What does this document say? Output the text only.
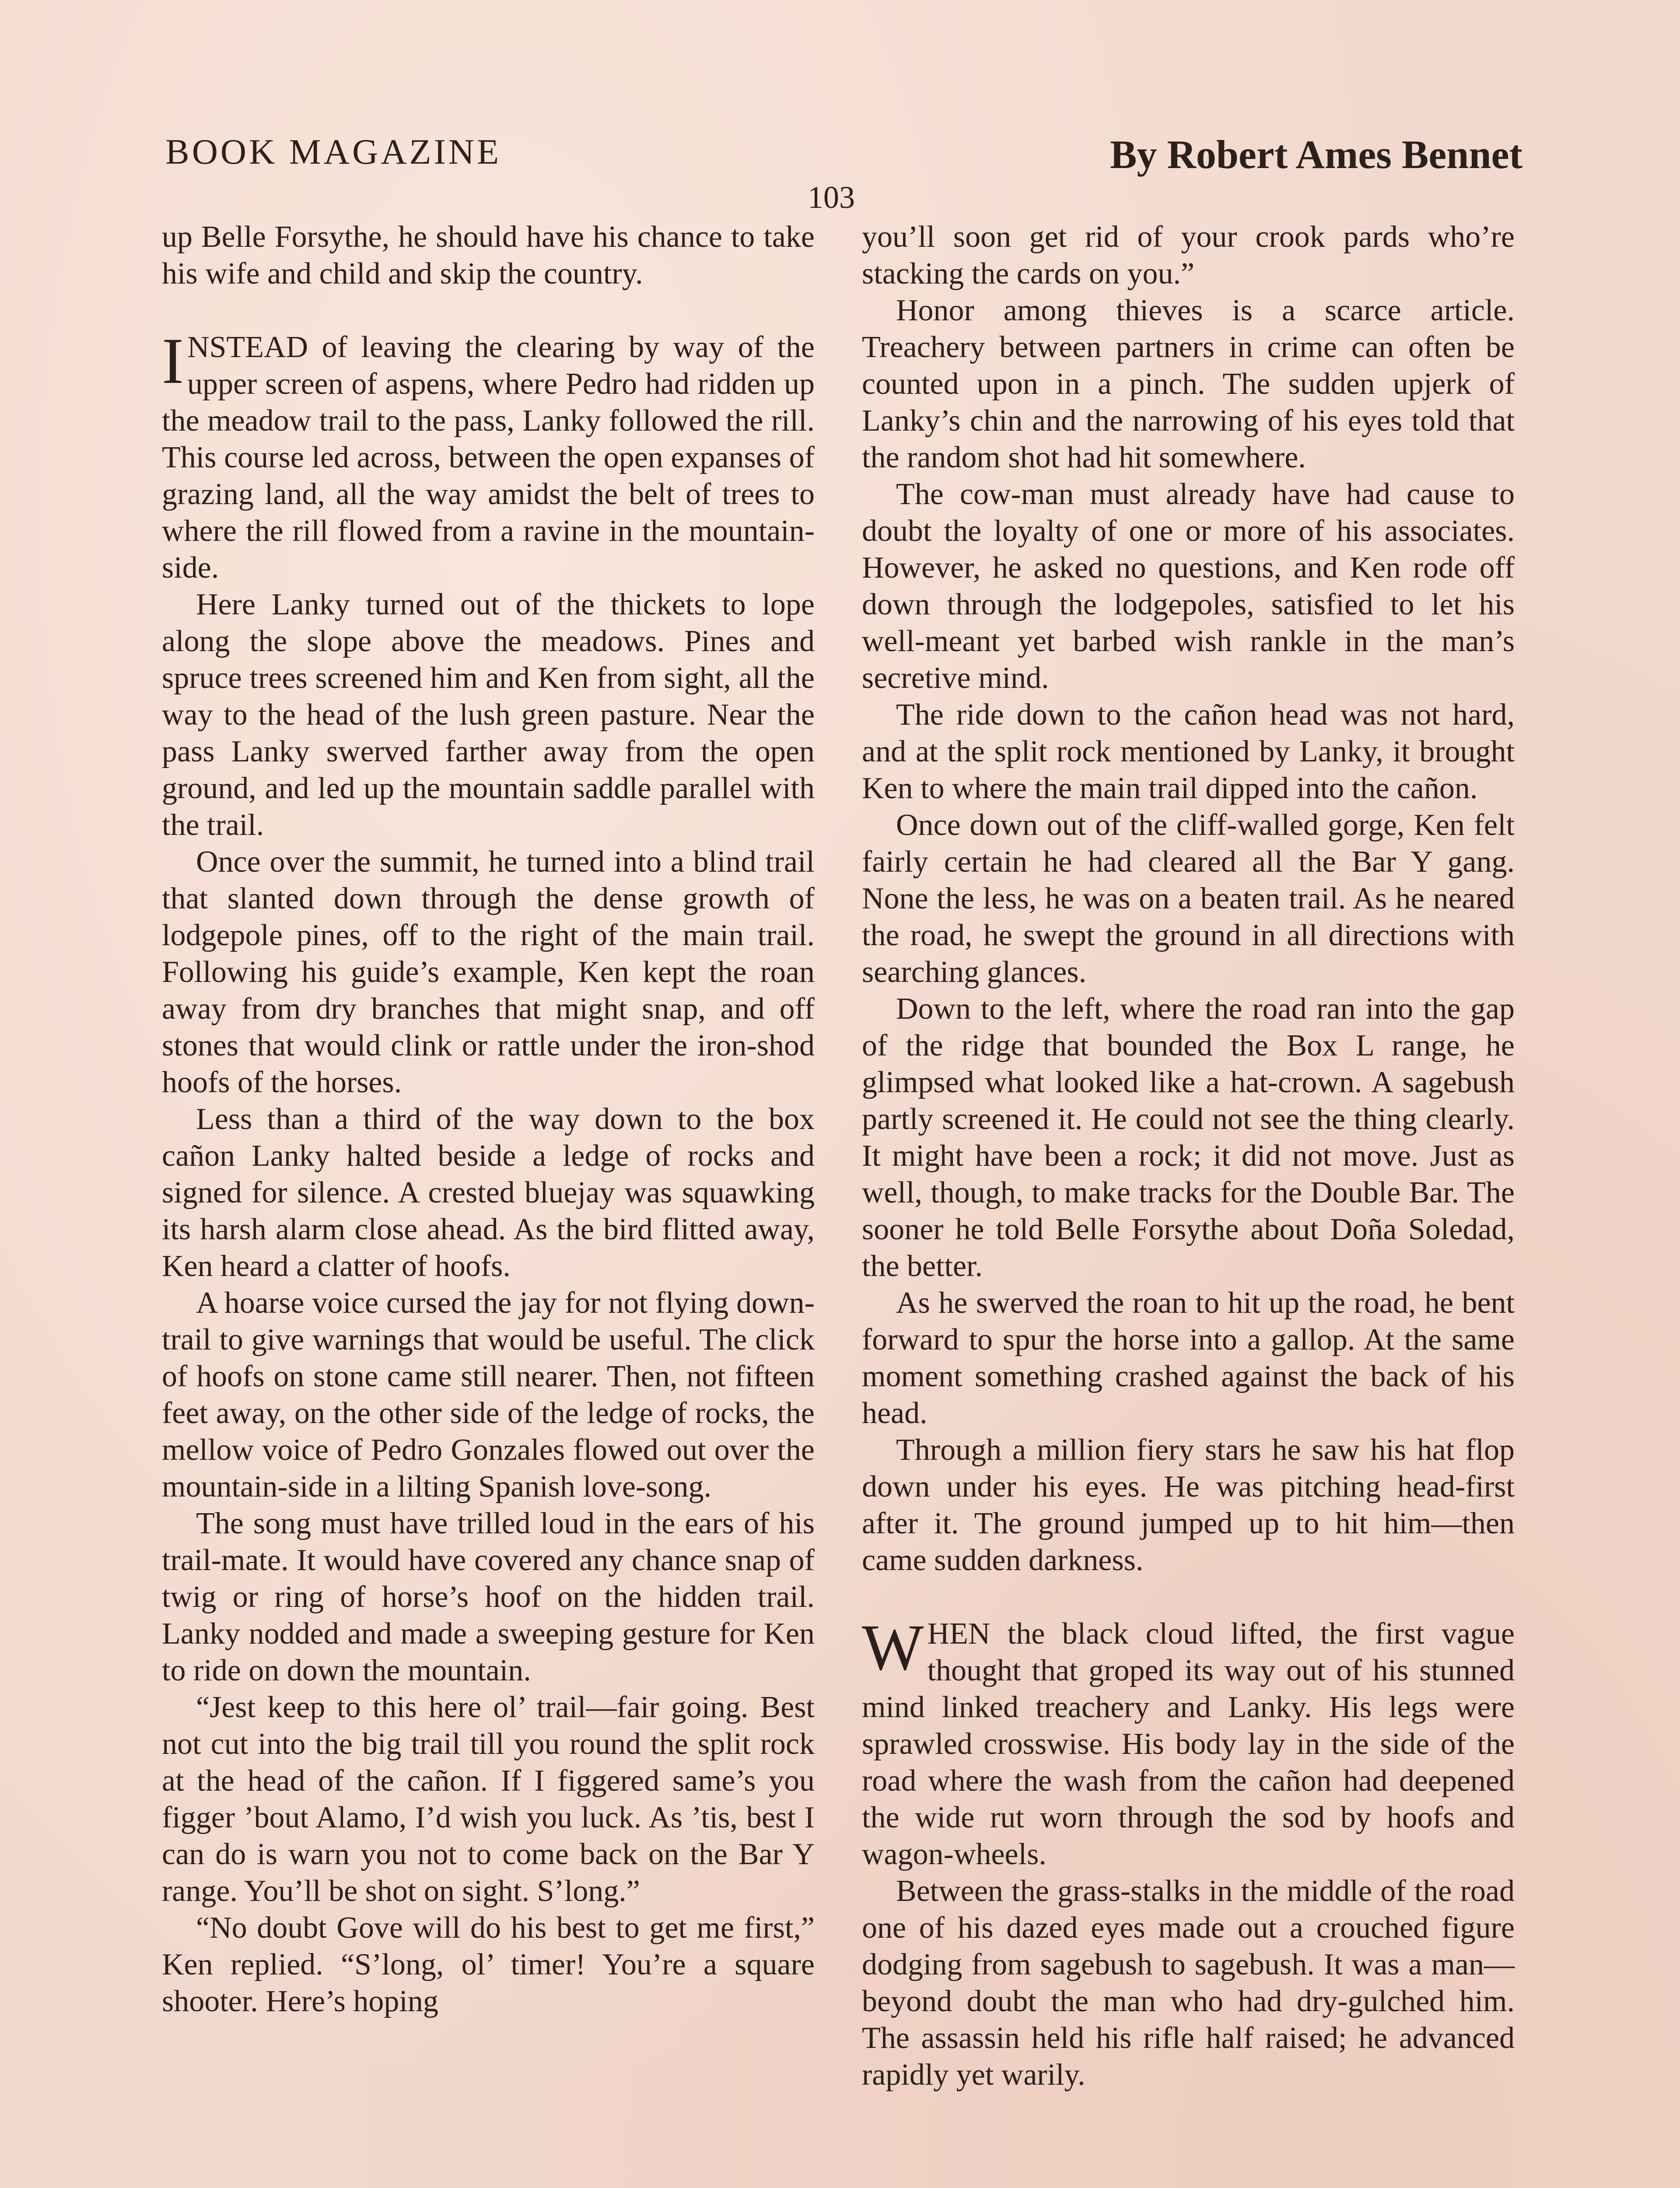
BOOK MAGAZINE
103
By Robert Ames Bennet

up Belle Forsythe, he should have his chance to take his wife and child and skip the country.

INSTEAD of leaving the clearing by way of the upper screen of aspens, where Pedro had ridden up the meadow trail to the pass, Lanky followed the rill. This course led across, between the open expanses of grazing land, all the way amidst the belt of trees to where the rill flowed from a ravine in the mountain-side.

Here Lanky turned out of the thickets to lope along the slope above the meadows. Pines and spruce trees screened him and Ken from sight, all the way to the head of the lush green pasture. Near the pass Lanky swerved farther away from the open ground, and led up the mountain saddle parallel with the trail.

Once over the summit, he turned into a blind trail that slanted down through the dense growth of lodgepole pines, off to the right of the main trail. Following his guide’s example, Ken kept the roan away from dry branches that might snap, and off stones that would clink or rattle under the iron-shod hoofs of the horses.

Less than a third of the way down to the box cañon Lanky halted beside a ledge of rocks and signed for silence. A crested bluejay was squawking its harsh alarm close ahead. As the bird flitted away, Ken heard a clatter of hoofs.

A hoarse voice cursed the jay for not flying down-trail to give warnings that would be useful. The click of hoofs on stone came still nearer. Then, not fifteen feet away, on the other side of the ledge of rocks, the mellow voice of Pedro Gonzales flowed out over the mountain-side in a lilting Spanish love-song.

The song must have trilled loud in the ears of his trail-mate. It would have covered any chance snap of twig or ring of horse’s hoof on the hidden trail. Lanky nodded and made a sweeping gesture for Ken to ride on down the mountain.

“Jest keep to this here ol’ trail—fair going. Best not cut into the big trail till you round the split rock at the head of the cañon. If I figgered same’s you figger ’bout Alamo, I’d wish you luck. As ’tis, best I can do is warn you not to come back on the Bar Y range. You’ll be shot on sight. S’long.”

“No doubt Gove will do his best to get me first,” Ken replied. “S’long, ol’ timer! You’re a square shooter. Here’s hoping

you’ll soon get rid of your crook pards who’re stacking the cards on you.”

Honor among thieves is a scarce article. Treachery between partners in crime can often be counted upon in a pinch. The sudden upjerk of Lanky’s chin and the narrowing of his eyes told that the random shot had hit somewhere.

The cow-man must already have had cause to doubt the loyalty of one or more of his associates. However, he asked no questions, and Ken rode off down through the lodgepoles, satisfied to let his well-meant yet barbed wish rankle in the man’s secretive mind.

The ride down to the cañon head was not hard, and at the split rock mentioned by Lanky, it brought Ken to where the main trail dipped into the cañon.

Once down out of the cliff-walled gorge, Ken felt fairly certain he had cleared all the Bar Y gang. None the less, he was on a beaten trail. As he neared the road, he swept the ground in all directions with searching glances.

Down to the left, where the road ran into the gap of the ridge that bounded the Box L range, he glimpsed what looked like a hat-crown. A sagebush partly screened it. He could not see the thing clearly. It might have been a rock; it did not move. Just as well, though, to make tracks for the Double Bar. The sooner he told Belle Forsythe about Doña Soledad, the better.

As he swerved the roan to hit up the road, he bent forward to spur the horse into a gallop. At the same moment something crashed against the back of his head.

Through a million fiery stars he saw his hat flop down under his eyes. He was pitching head-first after it. The ground jumped up to hit him—then came sudden darkness.

WHEN the black cloud lifted, the first vague thought that groped its way out of his stunned mind linked treachery and Lanky. His legs were sprawled crosswise. His body lay in the side of the road where the wash from the cañon had deepened the wide rut worn through the sod by hoofs and wagon-wheels.

Between the grass-stalks in the middle of the road one of his dazed eyes made out a crouched figure dodging from sagebush to sagebush. It was a man—beyond doubt the man who had dry-gulched him. The assassin held his rifle half raised; he advanced rapidly yet warily.
